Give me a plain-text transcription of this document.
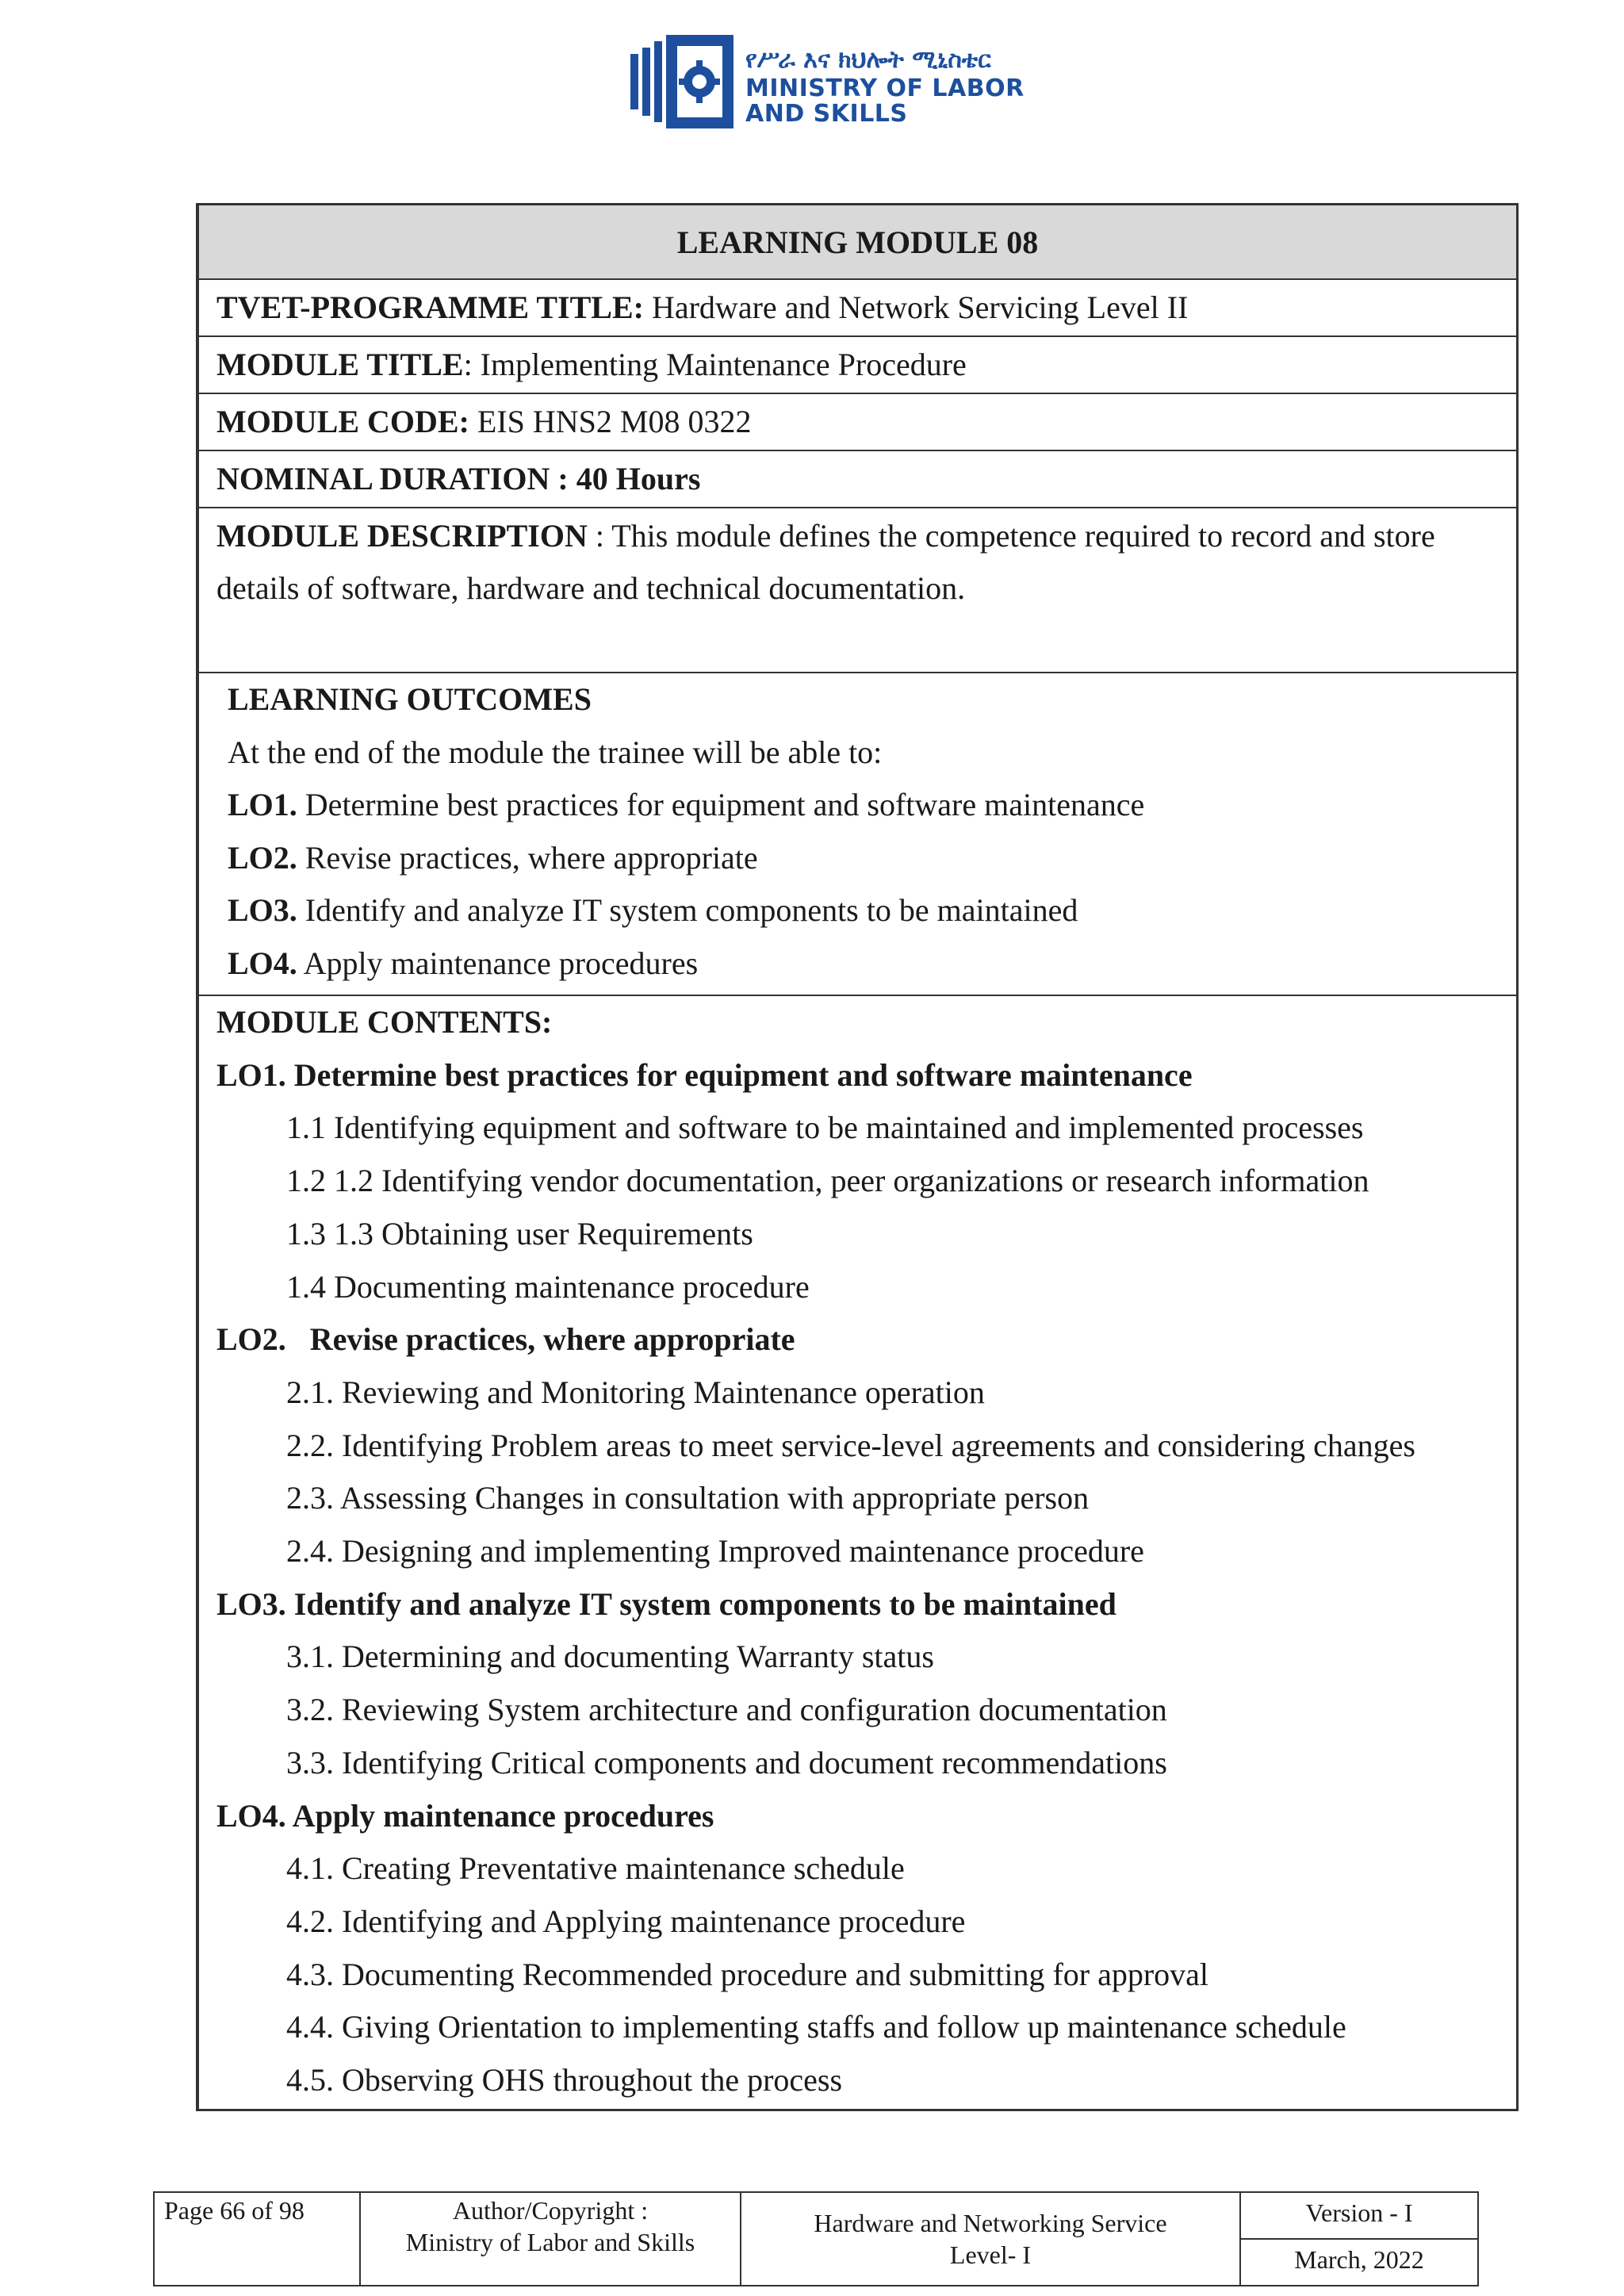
የሥራ እና ክህሎት ሚኒስቴር
MINISTRY OF LABOR
AND SKILLS
LEARNING MODULE 08
TVET-PROGRAMME TITLE: Hardware and Network Servicing Level II
MODULE TITLE: Implementing Maintenance Procedure
MODULE CODE: EIS HNS2 M08 0322
NOMINAL DURATION : 40 Hours
MODULE DESCRIPTION : This module defines the competence required to record and store details of software, hardware and technical documentation.
LEARNING OUTCOMES
At the end of the module the trainee will be able to:
LO1. Determine best practices for equipment and software maintenance
LO2. Revise practices, where appropriate
LO3. Identify and analyze IT system components to be maintained
LO4. Apply maintenance procedures
MODULE CONTENTS:
LO1. Determine best practices for equipment and software maintenance
1.1 Identifying equipment and software to be maintained and implemented processes
1.2 1.2 Identifying vendor documentation, peer organizations or research information
1.3 1.3 Obtaining user Requirements
1.4 Documenting maintenance procedure
LO2.   Revise practices, where appropriate
2.1. Reviewing and Monitoring Maintenance operation
2.2. Identifying Problem areas to meet service-level agreements and considering changes
2.3. Assessing Changes in consultation with appropriate person
2.4. Designing and implementing Improved maintenance procedure
LO3. Identify and analyze IT system components to be maintained
3.1. Determining and documenting Warranty status
3.2. Reviewing System architecture and configuration documentation
3.3. Identifying Critical components and document recommendations
LO4. Apply maintenance procedures
4.1. Creating Preventative maintenance schedule
4.2. Identifying and Applying maintenance procedure
4.3. Documenting Recommended procedure and submitting for approval
4.4. Giving Orientation to implementing staffs and follow up maintenance schedule
4.5. Observing OHS throughout the process
Page 66 of 98	Author/Copyright :
Ministry of Labor and Skills

Hardware and Networking Service
Level- I
	Version - I
March, 2022
